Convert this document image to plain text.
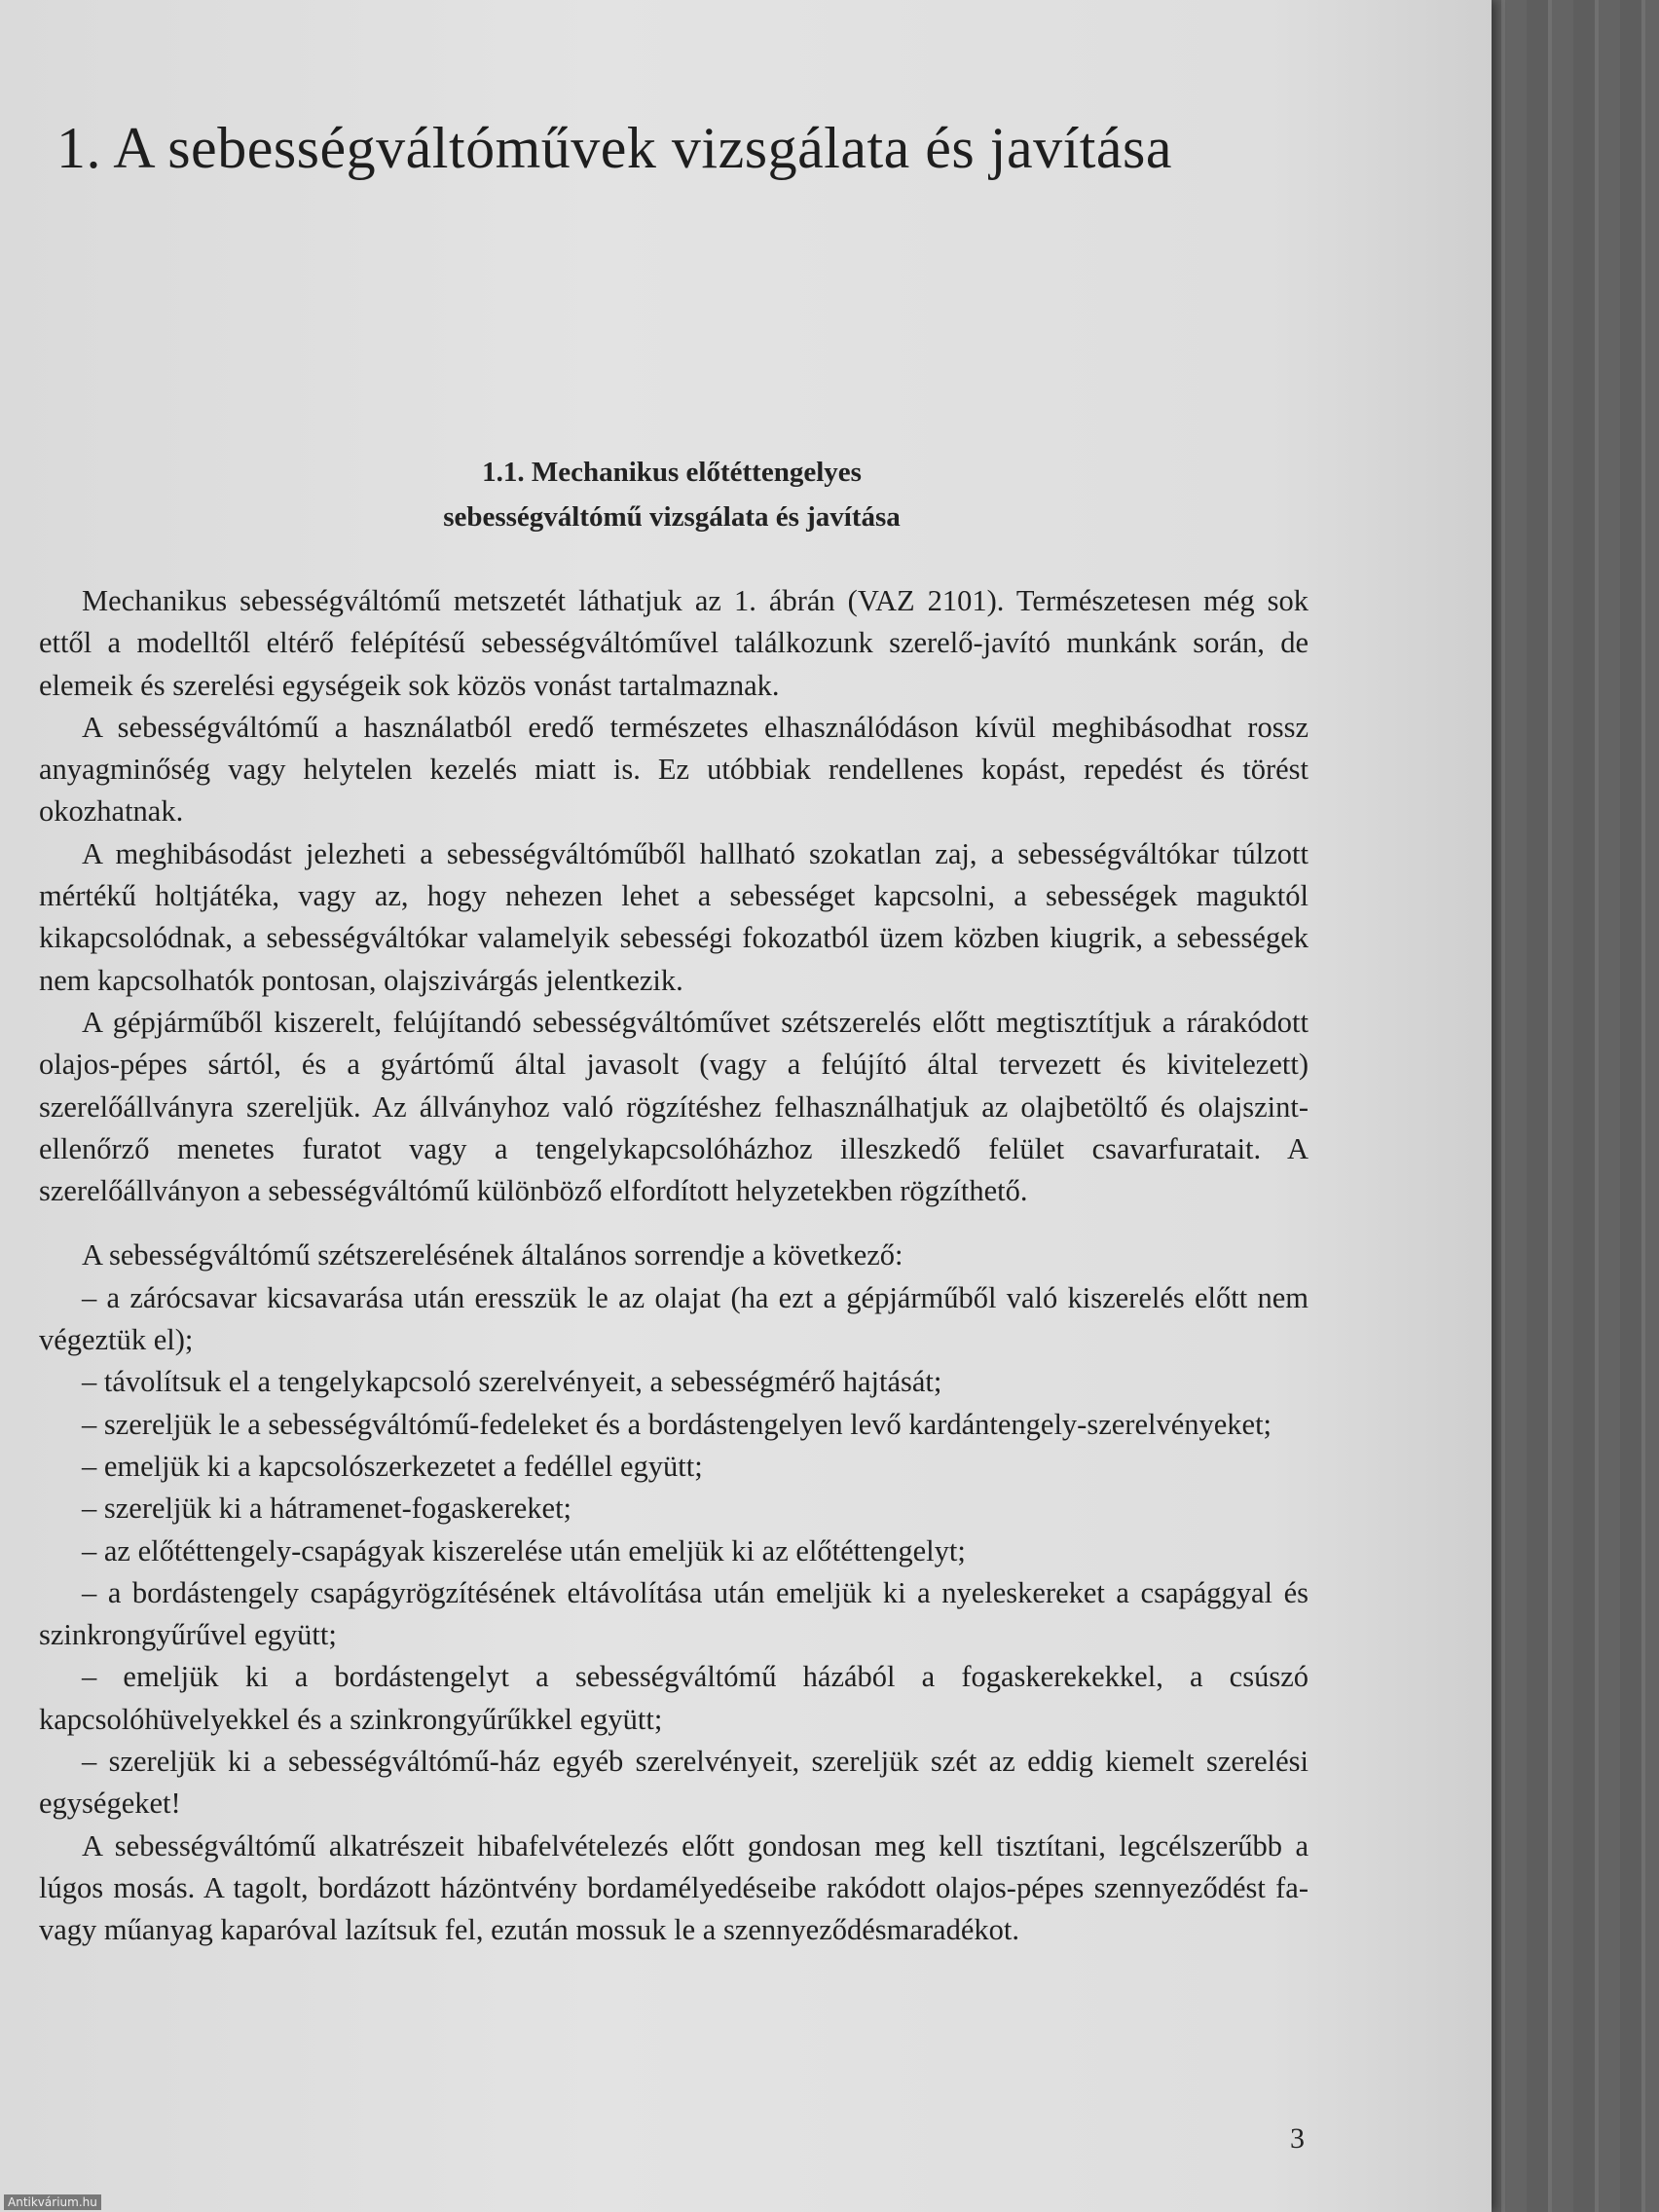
1. A sebességváltóművek vizsgálata és javítása
1.1. Mechanikus előtéttengelyes
sebességváltómű vizsgálata és javítása

Mechanikus sebességváltómű metszetét láthatjuk az 1. ábrán (VAZ 2101). Természetesen még sok ettől a modelltől eltérő felépítésű sebességváltóművel találkozunk szerelő-javító munkánk során, de elemeik és szerelési egységeik sok közös vonást tartalmaznak.

A sebességváltómű a használatból eredő természetes elhasználódáson kívül meghibásodhat rossz anyagminőség vagy helytelen kezelés miatt is. Ez utóbbiak rendellenes kopást, repedést és törést okozhatnak.

A meghibásodást jelezheti a sebességváltóműből hallható szokatlan zaj, a sebességváltókar túlzott mértékű holtjátéka, vagy az, hogy nehezen lehet a sebességet kapcsolni, a sebességek maguktól kikapcsolódnak, a sebességváltókar valamelyik sebességi fokozatból üzem közben kiugrik, a sebességek nem kapcsolhatók pontosan, olajszivárgás jelentkezik.

A gépjárműből kiszerelt, felújítandó sebességváltóművet szétszerelés előtt megtisztítjuk a rárakódott olajos-pépes sártól, és a gyártómű által javasolt (vagy a felújító által tervezett és kivitelezett) szerelőállványra szereljük. Az állványhoz való rögzítéshez felhasználhatjuk az olajbetöltő és olajszint-ellenőrző menetes furatot vagy a tengelykapcsolóházhoz illeszkedő felület csavarfuratait. A szerelőállványon a sebességváltómű különböző elfordított helyzetekben rögzíthető.

A sebességváltómű szétszerelésének általános sorrendje a következő:

– a zárócsavar kicsavarása után eresszük le az olajat (ha ezt a gépjárműből való kiszerelés előtt nem végeztük el);
– távolítsuk el a tengelykapcsoló szerelvényeit, a sebességmérő hajtását;
– szereljük le a sebességváltómű-fedeleket és a bordástengelyen levő kardántengely-szerelvényeket;
– emeljük ki a kapcsolószerkezetet a fedéllel együtt;
– szereljük ki a hátramenet-fogaskereket;
– az előtéttengely-csapágyak kiszerelése után emeljük ki az előtéttengelyt;
– a bordástengely csapágyrögzítésének eltávolítása után emeljük ki a nyeleskereket a csapággyal és szinkrongyűrűvel együtt;
– emeljük ki a bordástengelyt a sebességváltómű házából a fogaskerekekkel, a csúszó kapcsolóhüvelyekkel és a szinkrongyűrűkkel együtt;
– szereljük ki a sebességváltómű-ház egyéb szerelvényeit, szereljük szét az eddig kiemelt szerelési egységeket!

A sebességváltómű alkatrészeit hibafelvételezés előtt gondosan meg kell tisztítani, legcélszerűbb a lúgos mosás. A tagolt, bordázott házöntvény bordamélyedéseibe rakódott olajos-pépes szennyeződést fa- vagy műanyag kaparóval lazítsuk fel, ezután mossuk le a szennyeződésmaradékot.

3
Antikvárium.hu
